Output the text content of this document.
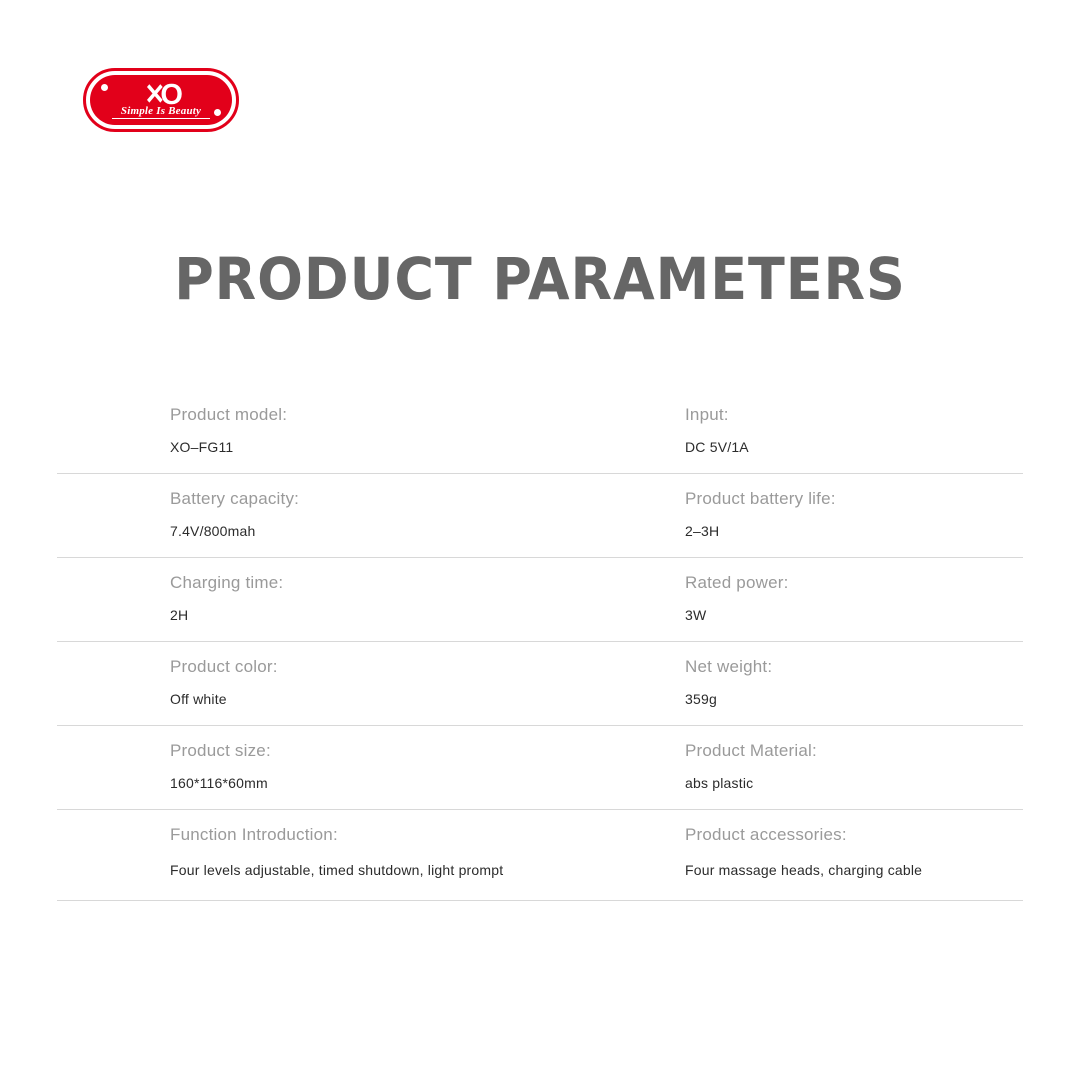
✕O
Simple Is Beauty
PRODUCT PARAMETERS
Product model:
XO–FG11
Input:
DC 5V/1A
Battery capacity:
7.4V/800mah
Product battery life:
2–3H
Charging time:
2H
Rated power:
3W
Product color:
Off white
Net weight:
359g
Product size:
160*116*60mm
Product Material:
abs plastic
Function Introduction:
Four levels adjustable, timed shutdown, light prompt
Product accessories:
Four massage heads, charging cable
